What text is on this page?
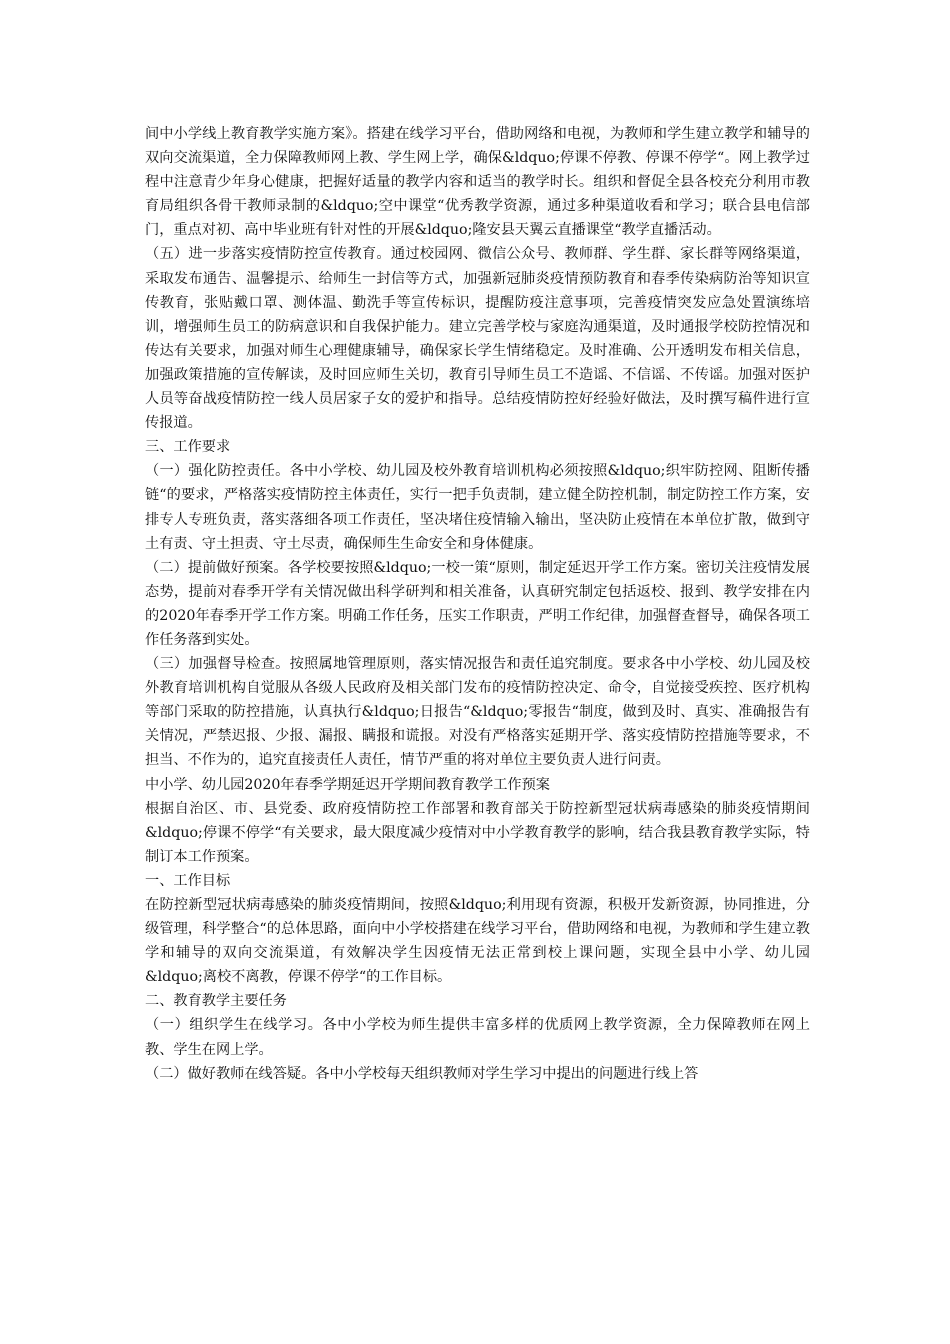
间中小学线上教育教学实施方案》。搭建在线学习平台，借助网络和电视，为教师和学生建立教学和辅导的双向交流渠道，全力保障教师网上教、学生网上学，确保&ldquo;停课不停教、停课不停学“。网上教学过程中注意青少年身心健康，把握好适量的教学内容和适当的教学时长。组织和督促全县各校充分利用市教育局组织各骨干教师录制的&ldquo;空中课堂“优秀教学资源，通过多种渠道收看和学习；联合县电信部门，重点对初、高中毕业班有针对性的开展&ldquo;隆安县天翼云直播课堂“教学直播活动。

（五）进一步落实疫情防控宣传教育。通过校园网、微信公众号、教师群、学生群、家长群等网络渠道，采取发布通告、温馨提示、给师生一封信等方式，加强新冠肺炎疫情预防教育和春季传染病防治等知识宣传教育，张贴戴口罩、测体温、勤洗手等宣传标识，提醒防疫注意事项，完善疫情突发应急处置演练培训，增强师生员工的防病意识和自我保护能力。建立完善学校与家庭沟通渠道，及时通报学校防控情况和传达有关要求，加强对师生心理健康辅导，确保家长学生情绪稳定。及时准确、公开透明发布相关信息，加强政策措施的宣传解读，及时回应师生关切，教育引导师生员工不造谣、不信谣、不传谣。加强对医护人员等奋战疫情防控一线人员居家子女的爱护和指导。总结疫情防控好经验好做法，及时撰写稿件进行宣传报道。

三、工作要求

（一）强化防控责任。各中小学校、幼儿园及校外教育培训机构必须按照&ldquo;织牢防控网、阻断传播链“的要求，严格落实疫情防控主体责任，实行一把手负责制，建立健全防控机制，制定防控工作方案，安排专人专班负责，落实落细各项工作责任，坚决堵住疫情输入输出，坚决防止疫情在本单位扩散，做到守土有责、守土担责、守土尽责，确保师生生命安全和身体健康。

（二）提前做好预案。各学校要按照&ldquo;一校一策“原则，制定延迟开学工作方案。密切关注疫情发展态势，提前对春季开学有关情况做出科学研判和相关准备，认真研究制定包括返校、报到、教学安排在内的2020年春季开学工作方案。明确工作任务，压实工作职责，严明工作纪律，加强督查督导，确保各项工作任务落到实处。

（三）加强督导检查。按照属地管理原则，落实情况报告和责任追究制度。要求各中小学校、幼儿园及校外教育培训机构自觉服从各级人民政府及相关部门发布的疫情防控决定、命令，自觉接受疾控、医疗机构等部门采取的防控措施，认真执行&ldquo;日报告“&ldquo;零报告“制度，做到及时、真实、准确报告有关情况，严禁迟报、少报、漏报、瞒报和谎报。对没有严格落实延期开学、落实疫情防控措施等要求，不担当、不作为的，追究直接责任人责任，情节严重的将对单位主要负责人进行问责。

中小学、幼儿园2020年春季学期延迟开学期间教育教学工作预案

根据自治区、市、县党委、政府疫情防控工作部署和教育部关于防控新型冠状病毒感染的肺炎疫情期间&ldquo;停课不停学“有关要求，最大限度减少疫情对中小学教育教学的影响，结合我县教育教学实际，特制订本工作预案。

一、工作目标

在防控新型冠状病毒感染的肺炎疫情期间，按照&ldquo;利用现有资源，积极开发新资源，协同推进，分级管理，科学整合“的总体思路，面向中小学校搭建在线学习平台，借助网络和电视，为教师和学生建立教学和辅导的双向交流渠道，有效解决学生因疫情无法正常到校上课问题，实现全县中小学、幼儿园&ldquo;离校不离教，停课不停学“的工作目标。

二、教育教学主要任务

（一）组织学生在线学习。各中小学校为师生提供丰富多样的优质网上教学资源，全力保障教师在网上教、学生在网上学。

（二）做好教师在线答疑。各中小学校每天组织教师对学生学习中提出的问题进行线上答
